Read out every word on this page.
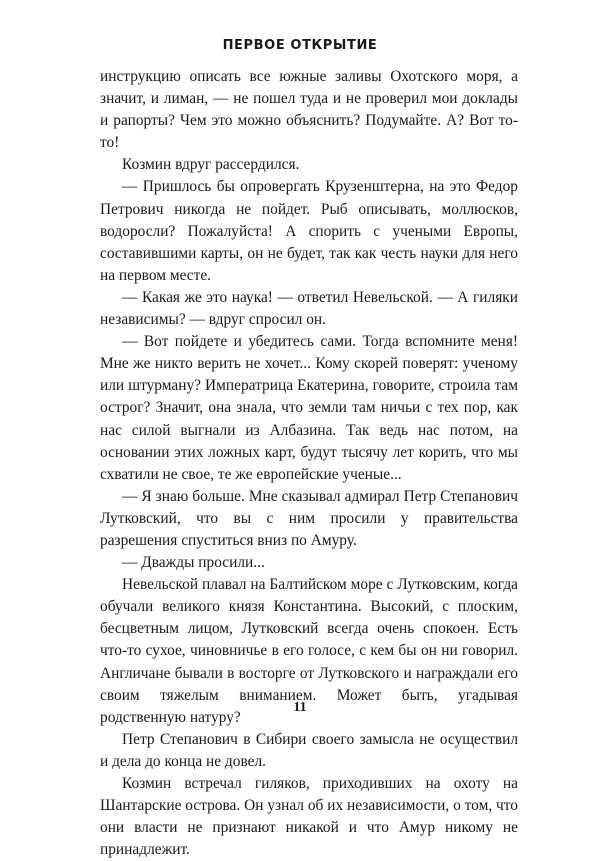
ПЕРВОЕ ОТКРЫТИЕ

инструкцию описать все южные заливы Охотского моря, а значит, и лиман, — не пошел туда и не проверил мои доклады и рапорты? Чем это можно объяснить? Подумайте. А? Вот то-то!

Козмин вдруг рассердился.

— Пришлось бы опровергать Крузенштерна, на это Федор Петрович никогда не пойдет. Рыб описывать, моллюсков, водоросли? Пожалуйста! А спорить с учеными Европы, составившими карты, он не будет, так как честь науки для него на первом месте.

— Какая же это наука! — ответил Невельской. — А гиляки независимы? — вдруг спросил он.

— Вот пойдете и убедитесь сами. Тогда вспомните меня! Мне же никто верить не хочет... Кому скорей поверят: ученому или штурману? Императрица Екатерина, говорите, строила там острог? Значит, она знала, что земли там ничьи с тех пор, как нас силой выгнали из Албазина. Так ведь нас потом, на основании этих ложных карт, будут тысячу лет корить, что мы схватили не свое, те же европейские ученые...

— Я знаю больше. Мне сказывал адмирал Петр Степанович Лутковский, что вы с ним просили у правительства разрешения спуститься вниз по Амуру.

— Дважды просили...

Невельской плавал на Балтийском море с Лутковским, когда обучали великого князя Константина. Высокий, с плоским, бесцветным лицом, Лутковский всегда очень спокоен. Есть что-то сухое, чиновничье в его голосе, с кем бы он ни говорил. Англичане бывали в восторге от Лутковского и награждали его своим тяжелым вниманием. Может быть, угадывая родственную натуру?

Петр Степанович в Сибири своего замысла не осуществил и дела до конца не довел.

Козмин встречал гиляков, приходивших на охоту на Шантарские острова. Он узнал об их независимости, о том, что они власти не признают никакой и что Амур никому не принадлежит.

11
